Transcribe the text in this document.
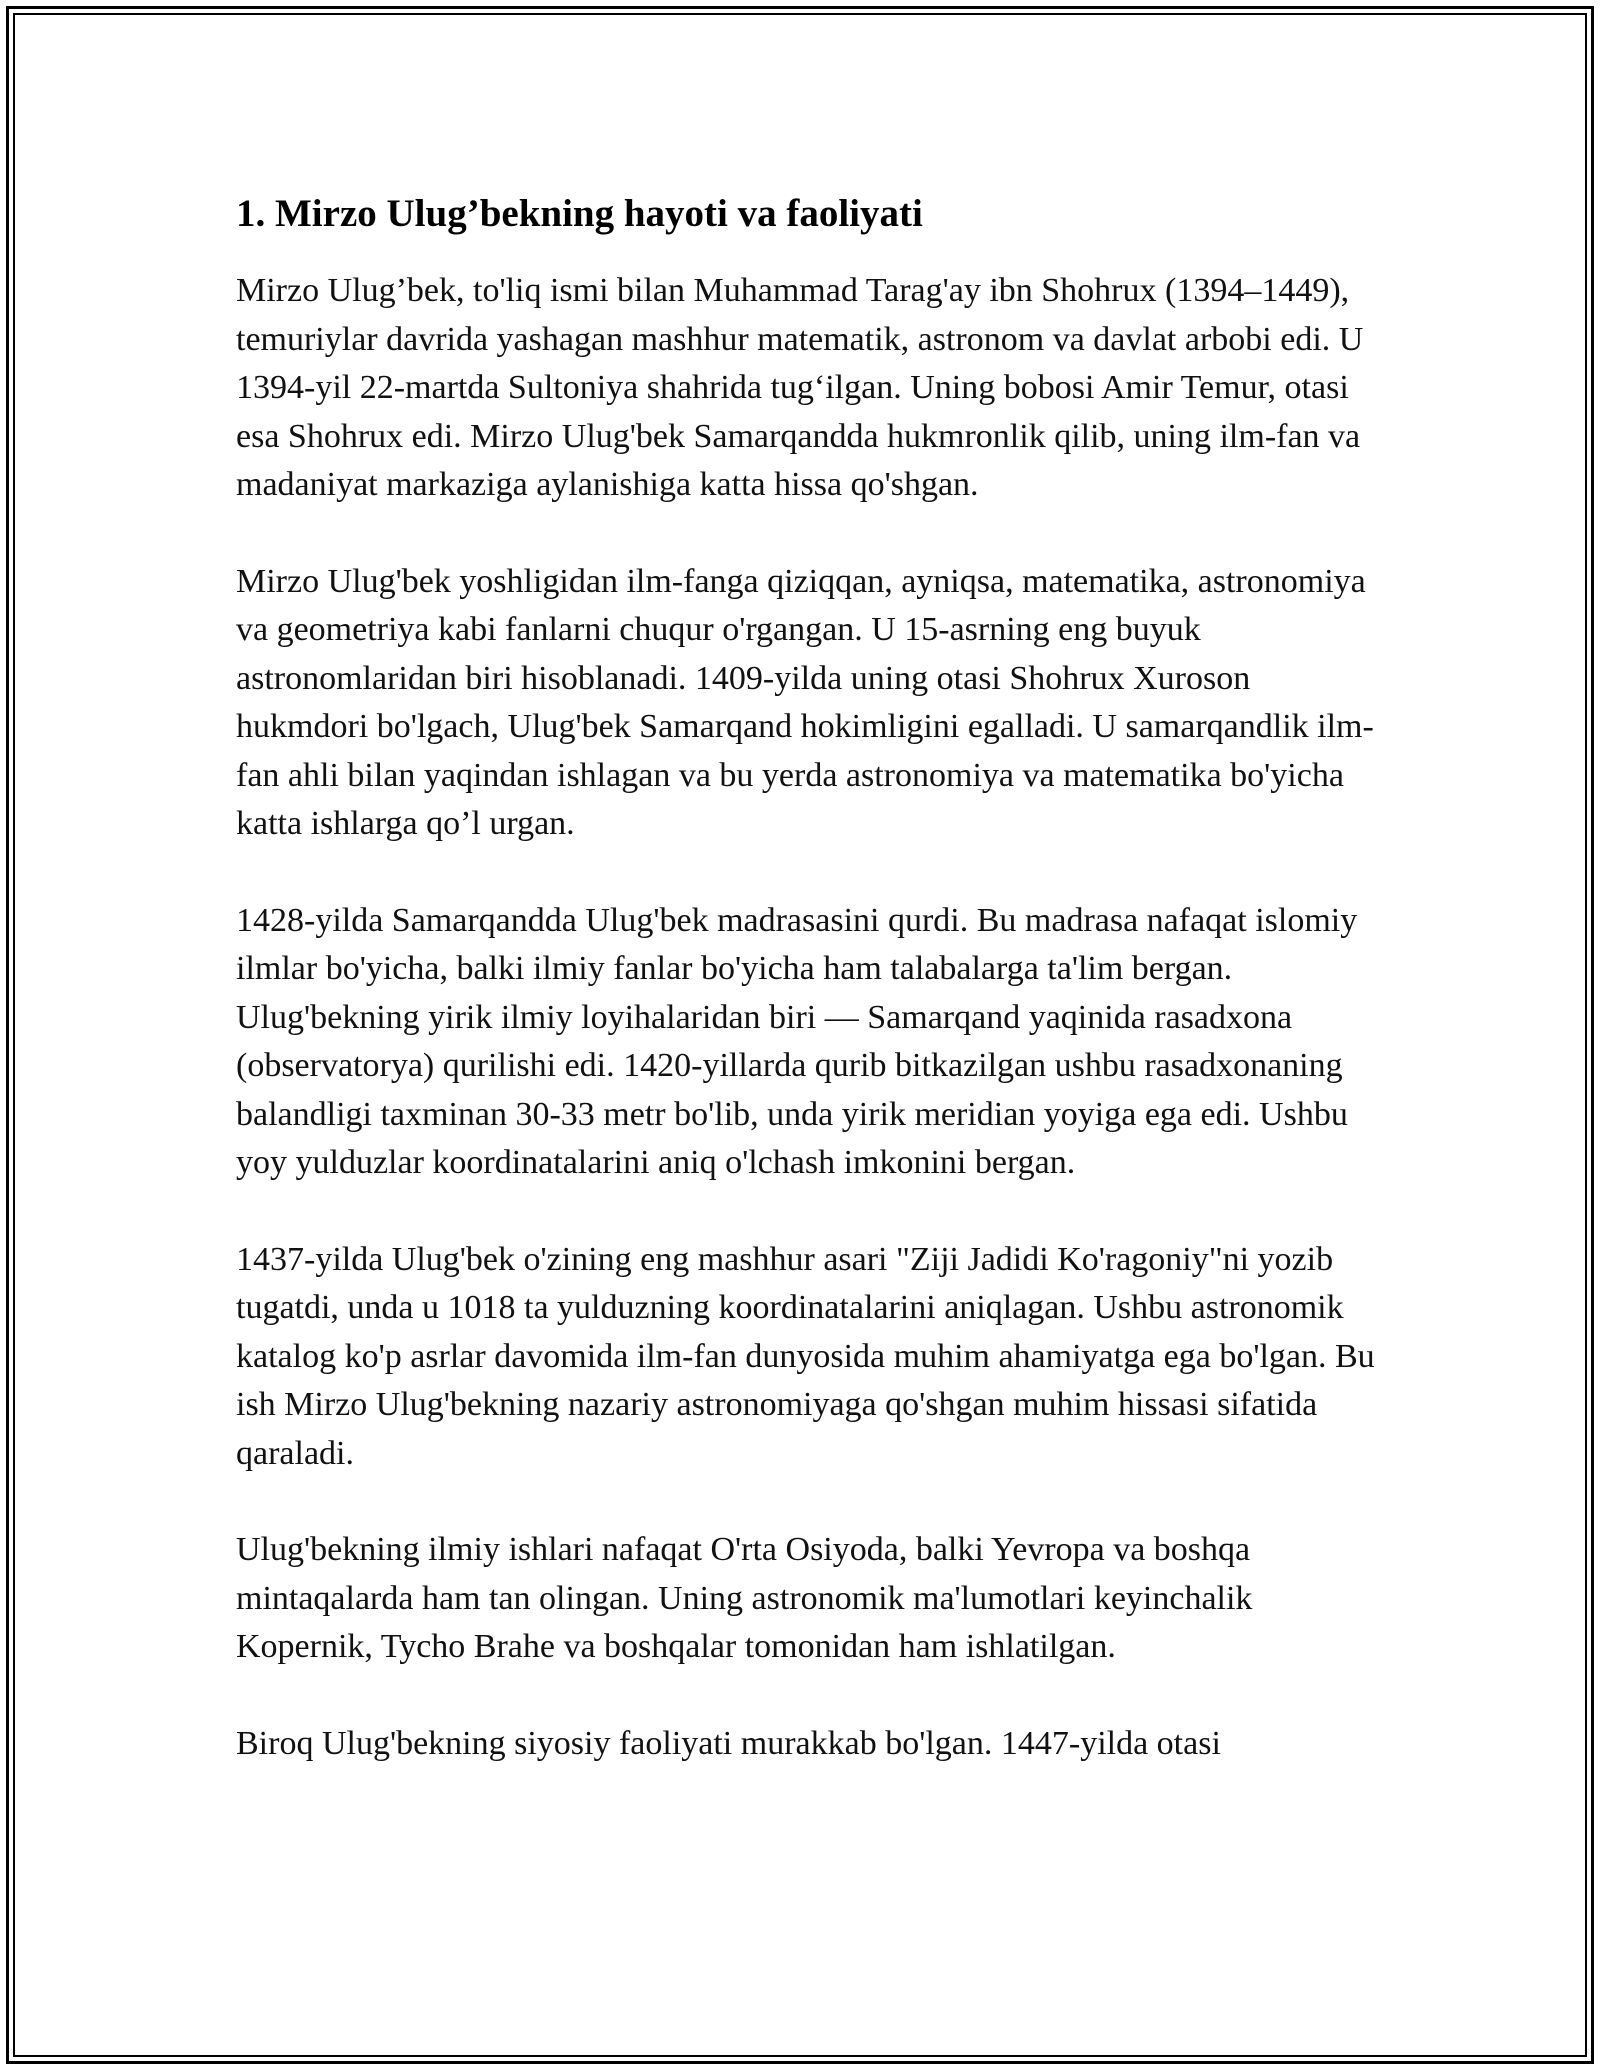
1. Mirzo Ulug’bekning hayoti va faoliyati

Mirzo Ulug’bek, to'liq ismi bilan Muhammad Tarag'ay ibn Shohrux (1394–1449), temuriylar davrida yashagan mashhur matematik, astronom va davlat arbobi edi. U 1394-yil 22-martda Sultoniya shahrida tug‘ilgan. Uning bobosi Amir Temur, otasi esa Shohrux edi. Mirzo Ulug'bek Samarqandda hukmronlik qilib, uning ilm-fan va madaniyat markaziga aylanishiga katta hissa qo'shgan.

Mirzo Ulug'bek yoshligidan ilm-fanga qiziqqan, ayniqsa, matematika, astronomiya va geometriya kabi fanlarni chuqur o'rgangan. U 15-asrning eng buyuk astronomlaridan biri hisoblanadi. 1409-yilda uning otasi Shohrux Xuroson hukmdori bo'lgach, Ulug'bek Samarqand hokimligini egalladi. U samarqandlik ilm-fan ahli bilan yaqindan ishlagan va bu yerda astronomiya va matematika bo'yicha katta ishlarga qo’l urgan.

1428-yilda Samarqandda Ulug'bek madrasasini qurdi. Bu madrasa nafaqat islomiy ilmlar bo'yicha, balki ilmiy fanlar bo'yicha ham talabalarga ta'lim bergan. Ulug'bekning yirik ilmiy loyihalaridan biri — Samarqand yaqinida rasadxona (observatorya) qurilishi edi. 1420-yillarda qurib bitkazilgan ushbu rasadxonaning balandligi taxminan 30-33 metr bo'lib, unda yirik meridian yoyiga ega edi. Ushbu yoy yulduzlar koordinatalarini aniq o'lchash imkonini bergan.

1437-yilda Ulug'bek o'zining eng mashhur asari "Ziji Jadidi Ko'ragoniy"ni yozib tugatdi, unda u 1018 ta yulduzning koordinatalarini aniqlagan. Ushbu astronomik katalog ko'p asrlar davomida ilm-fan dunyosida muhim ahamiyatga ega bo'lgan. Bu ish Mirzo Ulug'bekning nazariy astronomiyaga qo'shgan muhim hissasi sifatida qaraladi.

Ulug'bekning ilmiy ishlari nafaqat O'rta Osiyoda, balki Yevropa va boshqa mintaqalarda ham tan olingan. Uning astronomik ma'lumotlari keyinchalik Kopernik, Tycho Brahe va boshqalar tomonidan ham ishlatilgan.

Biroq Ulug'bekning siyosiy faoliyati murakkab bo'lgan. 1447-yilda otasi
